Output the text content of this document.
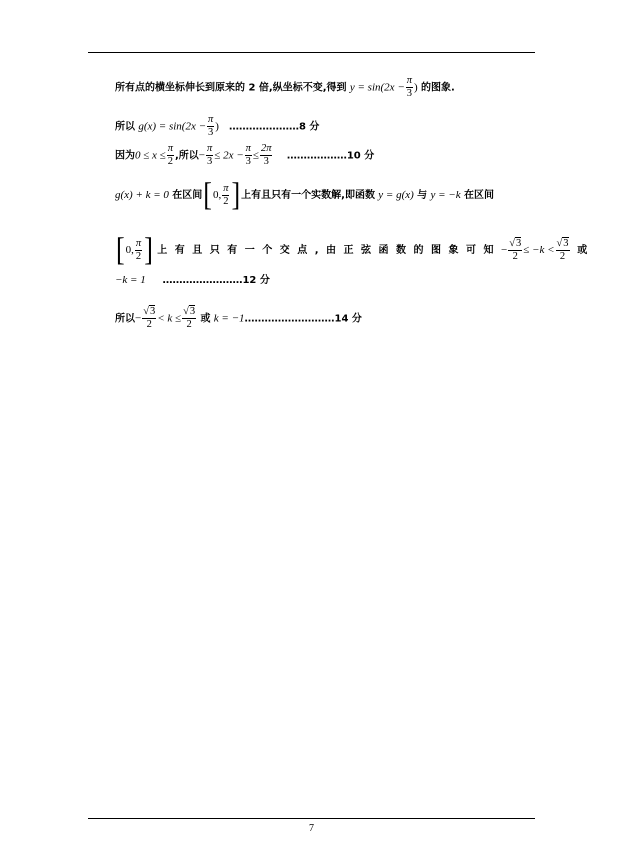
所有点的横坐标伸长到原来的 2 倍,纵坐标不变,得到 $y = \sin(2x - \frac{\pi}{3}$ ) 的图象.
所以 $g(x) = \sin(2x - \frac{\pi}{3}$ ) …………………8 分
因为$0 \le x \le \frac{\pi}{2}$ ,所以− $\frac{\pi}{3} \le 2x - \frac{\pi}{3} \le \frac{2\pi}{3}$ ………………10 分
g(x) + k = 0 在区间[0, $\frac{\pi}{2}$ ]上有且只有一个实数解,即函数 y = g(x) 与 y = −k 在区间
[0, $\frac{\pi}{2}$ ] 上有且只有一个交点,由正弦函数的图象可知− $\frac{√3}{2} \le -k < \frac{√3}{2}$ 或
−k = 1 ……………………12 分
所以− $\frac{√3}{2} < k \le \frac{√3}{2}$ 或 k = −1………………………14 分
7
